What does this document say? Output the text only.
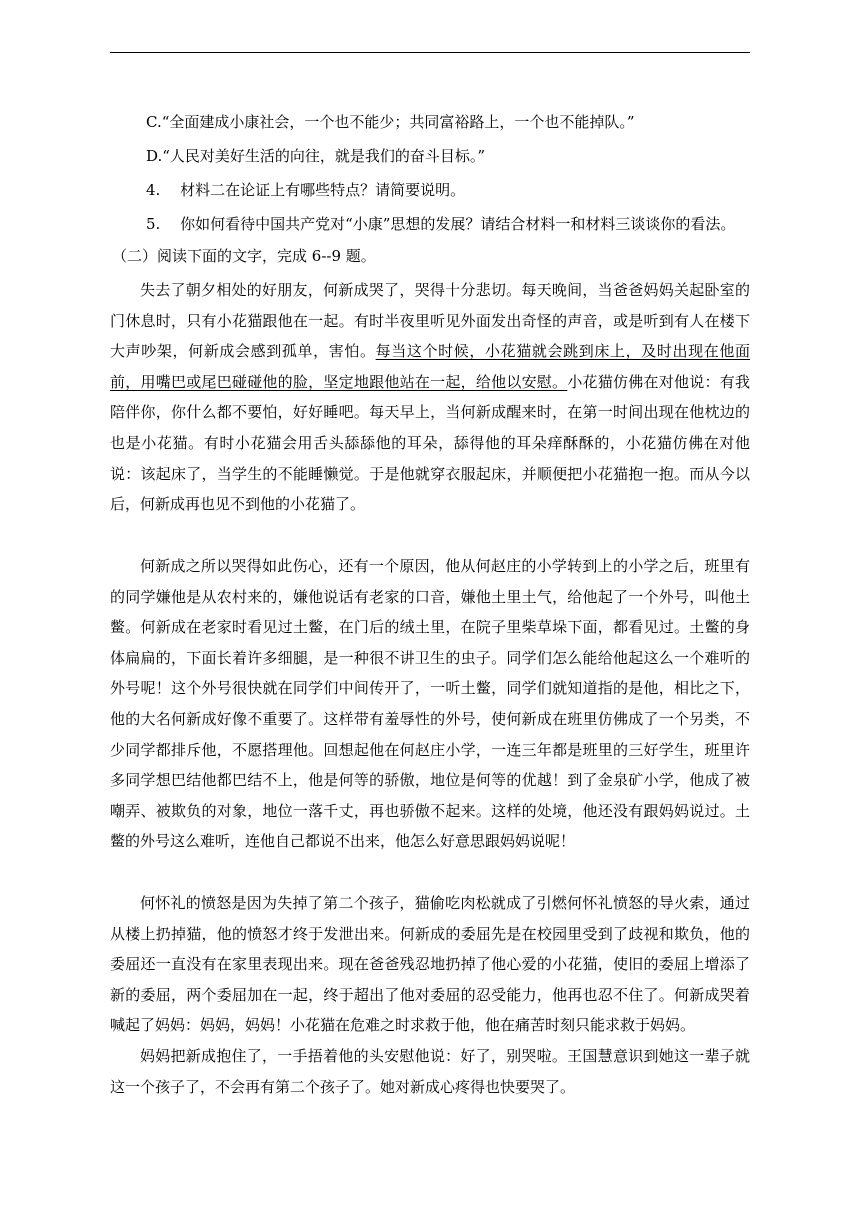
C.“全面建成小康社会，一个也不能少；共同富裕路上，一个也不能掉队。”
D.“人民对美好生活的向往，就是我们的奋斗目标。”
4.　 材料二在论证上有哪些特点？请简要说明。
5.　 你如何看待中国共产党对“小康”思想的发展？请结合材料一和材料三谈谈你的看法。
（二）阅读下面的文字，完成 6--9 题。

失去了朝夕相处的好朋友，何新成哭了，哭得十分悲切。每天晚间，当爸爸妈妈关起卧室的门休息时，只有小花猫跟他在一起。有时半夜里听见外面发出奇怪的声音，或是听到有人在楼下大声吵架，何新成会感到孤单，害怕。每当这个时候，小花猫就会跳到床上，及时出现在他面前，用嘴巴或尾巴碰碰他的脸，坚定地跟他站在一起，给他以安慰。小花猫仿佛在对他说：有我陪伴你，你什么都不要怕，好好睡吧。每天早上，当何新成醒来时，在第一时间出现在他枕边的也是小花猫。有时小花猫会用舌头舔舔他的耳朵，舔得他的耳朵痒酥酥的，小花猫仿佛在对他说：该起床了，当学生的不能睡懒觉。于是他就穿衣服起床，并顺便把小花猫抱一抱。而从今以后，何新成再也见不到他的小花猫了。

何新成之所以哭得如此伤心，还有一个原因，他从何赵庄的小学转到上的小学之后，班里有的同学嫌他是从农村来的，嫌他说话有老家的口音，嫌他土里土气，给他起了一个外号，叫他土鳖。何新成在老家时看见过土鳖，在门后的绒土里，在院子里柴草垛下面，都看见过。土鳖的身体扁扁的，下面长着许多细腿，是一种很不讲卫生的虫子。同学们怎么能给他起这么一个难听的外号呢！这个外号很快就在同学们中间传开了，一听土鳖，同学们就知道指的是他，相比之下，他的大名何新成好像不重要了。这样带有羞辱性的外号，使何新成在班里仿佛成了一个另类，不少同学都排斥他，不愿搭理他。回想起他在何赵庄小学，一连三年都是班里的三好学生，班里许多同学想巴结他都巴结不上，他是何等的骄傲，地位是何等的优越！到了金泉矿小学，他成了被嘲弄、被欺负的对象，地位一落千丈，再也骄傲不起来。这样的处境，他还没有跟妈妈说过。土鳖的外号这么难听，连他自己都说不出来，他怎么好意思跟妈妈说呢！

何怀礼的愤怒是因为失掉了第二个孩子，猫偷吃肉松就成了引燃何怀礼愤怒的导火索，通过从楼上扔掉猫，他的愤怒才终于发泄出来。何新成的委屈先是在校园里受到了歧视和欺负，他的委屈还一直没有在家里表现出来。现在爸爸残忍地扔掉了他心爱的小花猫，使旧的委屈上增添了新的委屈，两个委屈加在一起，终于超出了他对委屈的忍受能力，他再也忍不住了。何新成哭着喊起了妈妈：妈妈，妈妈！小花猫在危难之时求救于他，他在痛苦时刻只能求救于妈妈。

妈妈把新成抱住了，一手捂着他的头安慰他说：好了，别哭啦。王国慧意识到她这一辈子就这一个孩子了，不会再有第二个孩子了。她对新成心疼得也快要哭了。
